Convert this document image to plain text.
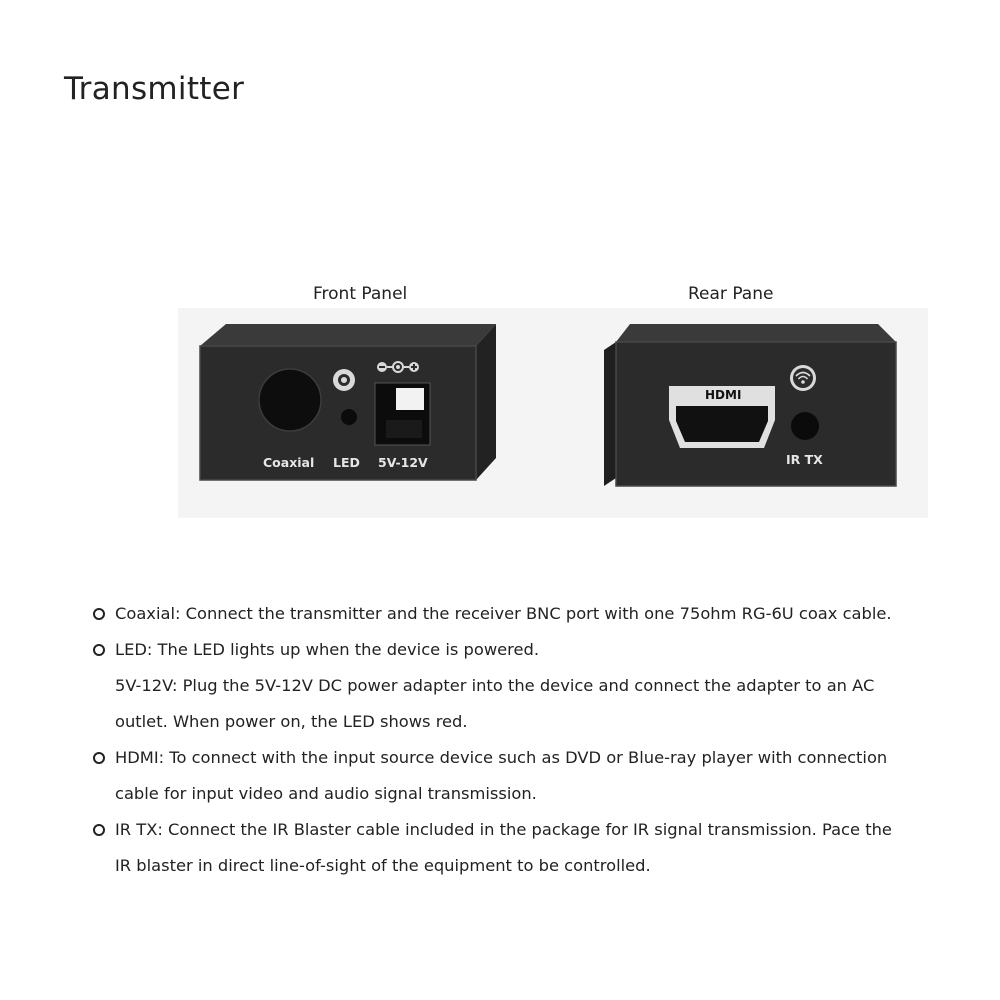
Transmitter
Front Panel	Rear Pane
Coaxial LED 5V-12V
HDMI
IR TX
Coaxial: Connect the transmitter and the receiver BNC port with one 75ohm RG-6U coax cable.
LED: The LED lights up when the device is powered.
5V-12V: Plug the 5V-12V DC power adapter into the device and connect the adapter to an AC outlet. When power on, the LED shows red.
HDMI: To connect with the input source device such as DVD or Blue-ray player with connection cable for input video and audio signal transmission.
IR TX: Connect the IR Blaster cable included in the package for IR signal transmission. Pace the IR blaster in direct line-of-sight of the equipment to be controlled.
